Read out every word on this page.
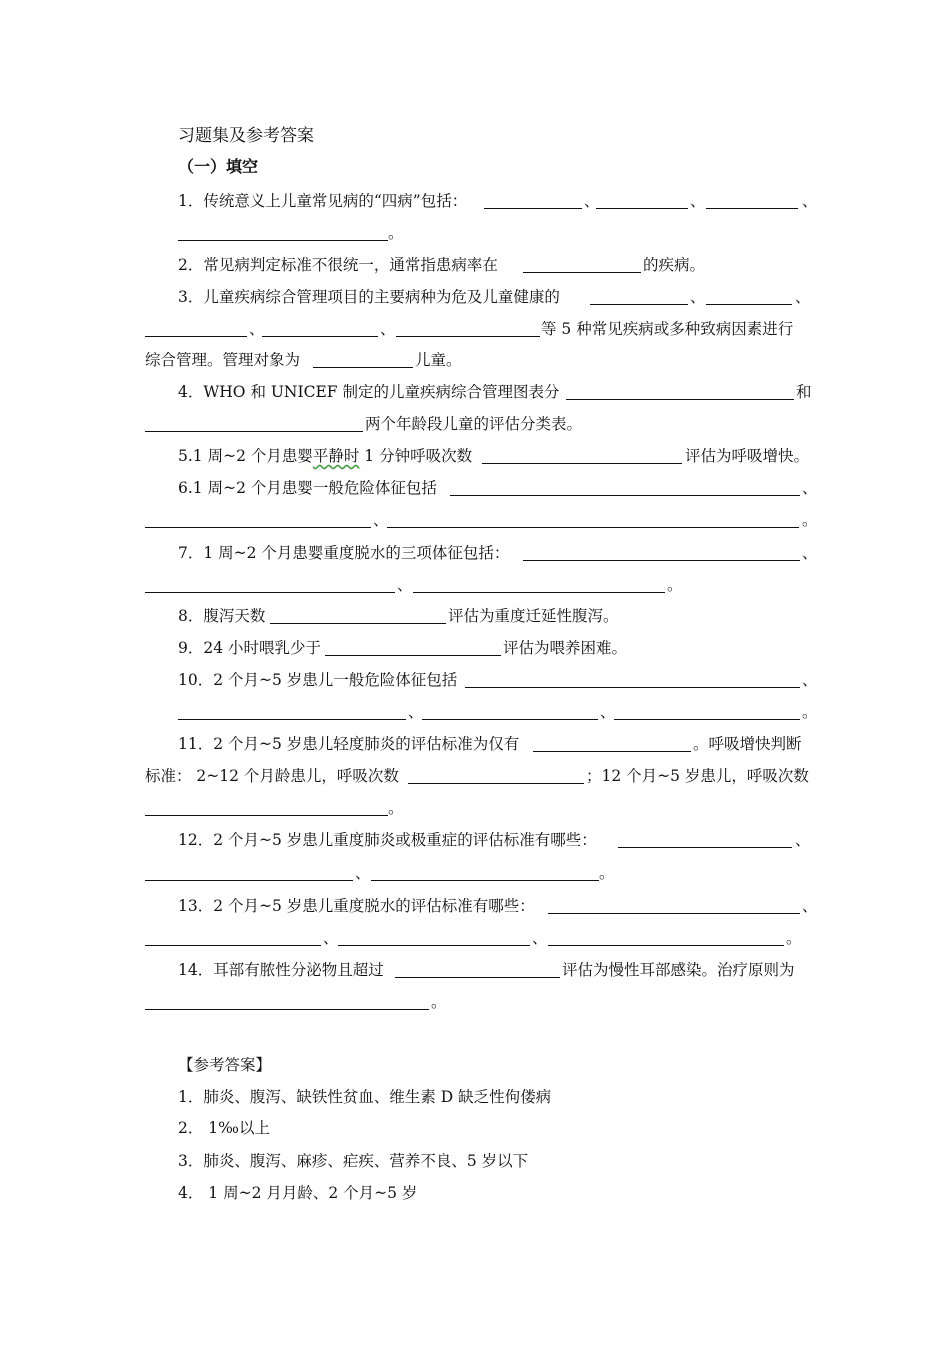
习题集及参考答案
（一）填空
1．传统意义上儿童常见病的“四病”包括：	、	、	、
。
2．常见病判定标准不很统一，通常指患病率在	的疾病。
3．儿童疾病综合管理项目的主要病种为危及儿童健康的	、	、
、	、	等 5 种常见疾病或多种致病因素进行
综合管理。管理对象为	儿童。
4．WHO 和 UNICEF 制定的儿童疾病综合管理图表分	和
两个年龄段儿童的评估分类表。
5.1 周~2 个月患婴平静时 1 分钟呼吸次数	评估为呼吸增快。
6.1 周~2 个月患婴一般危险体征包括	、
、	。
7．1 周~2 个月患婴重度脱水的三项体征包括：	、
、	。
8．腹泻天数	评估为重度迁延性腹泻。
9．24 小时喂乳少于	评估为喂养困难。
10．2 个月~5 岁患儿一般危险体征包括	、
、	、	。
11．2 个月~5 岁患儿轻度肺炎的评估标准为仅有	。呼吸增快判断
标准： 2~12 个月龄患儿，呼吸次数	；12 个月~5 岁患儿，呼吸次数
。
12．2 个月~5 岁患儿重度肺炎或极重症的评估标准有哪些：	、
、	。
13．2 个月~5 岁患儿重度脱水的评估标准有哪些：	、
、	、	。
14．耳部有脓性分泌物且超过	评估为慢性耳部感染。治疗原则为
。
【参考答案】
1．肺炎、腹泻、缺铁性贫血、维生素 D 缺乏性佝偻病
2． 1‰以上
3．肺炎、腹泻、麻疹、疟疾、营养不良、5 岁以下
4． 1 周~2 月月龄、2 个月~5 岁
